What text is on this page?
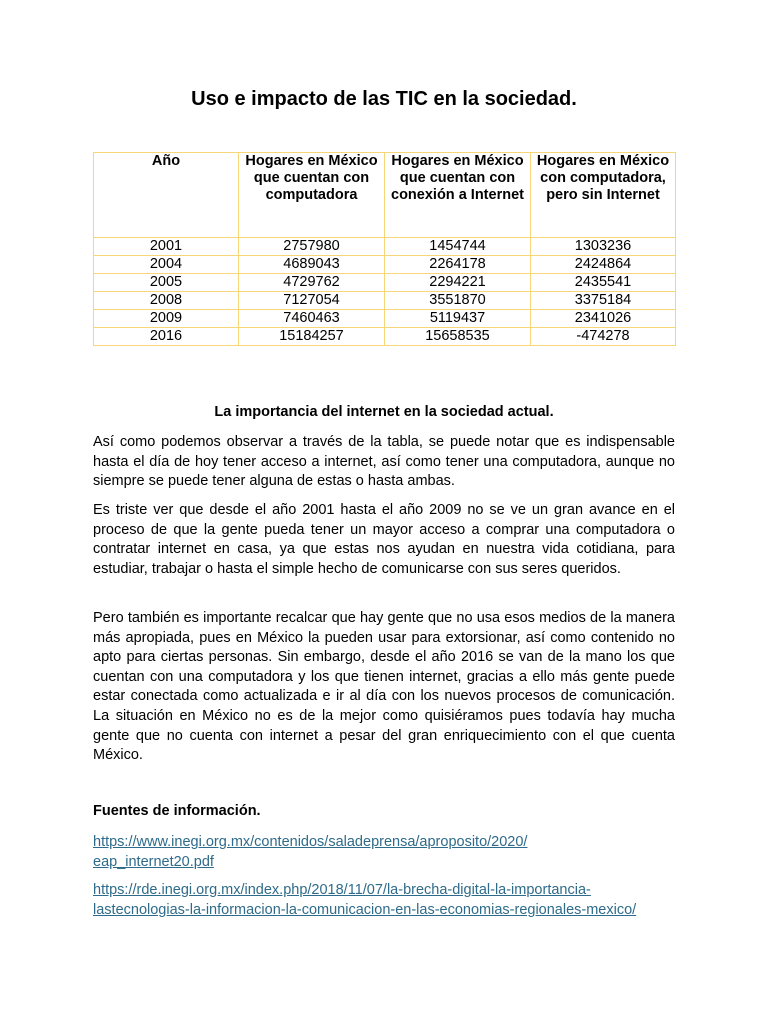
Uso e impacto de las TIC en la sociedad.
Año	Hogares en México que cuentan con computadora	Hogares en México que cuentan con conexión a Internet	Hogares en México con computadora, pero sin Internet
2001	2757980	1454744	1303236
2004	4689043	2264178	2424864
2005	4729762	2294221	2435541
2008	7127054	3551870	3375184
2009	7460463	5119437	2341026
2016	15184257	15658535	-474278
La importancia del internet en la sociedad actual.

Así como podemos observar a través de la tabla, se puede notar que es indispensable hasta el día de hoy tener acceso a internet, así como tener una computadora, aunque no siempre se puede tener alguna de estas o hasta ambas.

Es triste ver que desde el año 2001 hasta el año 2009 no se ve un gran avance en el proceso de que la gente pueda tener un mayor acceso a comprar una computadora o contratar internet en casa, ya que estas nos ayudan en nuestra vida cotidiana, para estudiar, trabajar o hasta el simple hecho de comunicarse con sus seres queridos.

Pero también es importante recalcar que hay gente que no usa esos medios de la manera más apropiada, pues en México la pueden usar para extorsionar, así como contenido no apto para ciertas personas. Sin embargo, desde el año 2016 se van de la mano los que cuentan con una computadora y los que tienen internet, gracias a ello más gente puede estar conectada como actualizada e ir al día con los nuevos procesos de comunicación. La situación en México no es de la mejor como quisiéramos pues todavía hay mucha gente que no cuenta con internet a pesar del gran enriquecimiento con el que cuenta México.

Fuentes de información.
https://www.inegi.org.mx/contenidos/saladeprensa/aproposito/2020/
eap_internet20.pdf
https://rde.inegi.org.mx/index.php/2018/11/07/la-brecha-digital-la-importancia-
lastecnologias-la-informacion-la-comunicacion-en-las-economias-regionales-mexico/
